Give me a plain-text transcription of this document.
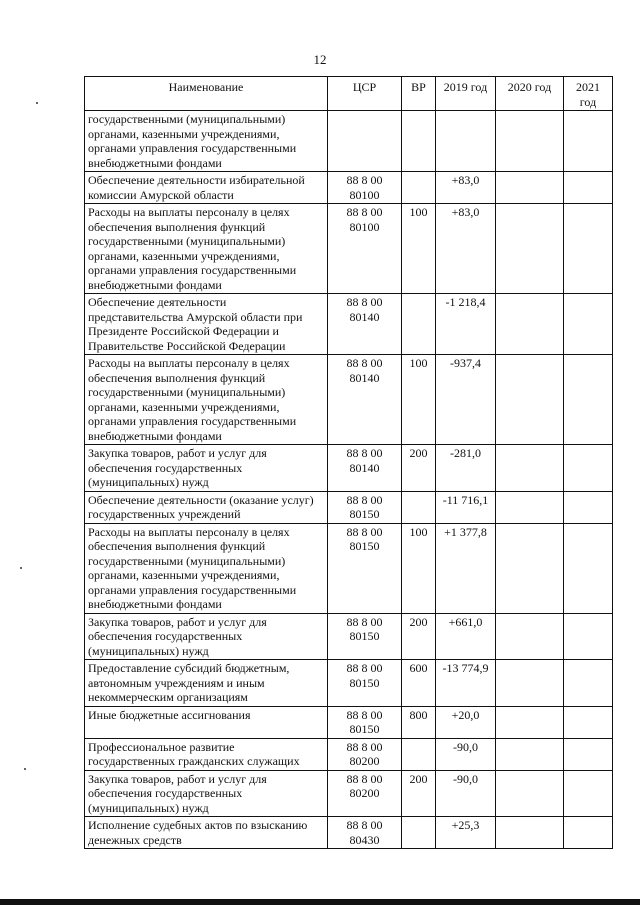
12
Наименование	ЦСР	ВР	2019 год	2020 год	2021 год
государственными (муниципальными) органами, казенными учреждениями, органами управления государственными внебюджетными фондами					
Обеспечение деятельности избирательной комиссии Амурской области	88 8 00 80100		+83,0		
Расходы на выплаты персоналу в целях обеспечения выполнения функций государственными (муниципальными) органами, казенными учреждениями, органами управления государственными внебюджетными фондами	88 8 00 80100	100	+83,0		
Обеспечение деятельности представительства Амурской области при Президенте Российской Федерации и Правительстве Российской Федерации	88 8 00 80140		-1 218,4		
Расходы на выплаты персоналу в целях обеспечения выполнения функций государственными (муниципальными) органами, казенными учреждениями, органами управления государственными внебюджетными фондами	88 8 00 80140	100	-937,4		
Закупка товаров, работ и услуг для обеспечения государственных (муниципальных) нужд	88 8 00 80140	200	-281,0		
Обеспечение деятельности (оказание услуг) государственных учреждений	88 8 00 80150		-11 716,1		
Расходы на выплаты персоналу в целях обеспечения выполнения функций государственными (муниципальными) органами, казенными учреждениями, органами управления государственными внебюджетными фондами	88 8 00 80150	100	+1 377,8		
Закупка товаров, работ и услуг для обеспечения государственных (муниципальных) нужд	88 8 00 80150	200	+661,0		
Предоставление субсидий бюджетным, автономным учреждениям и иным некоммерческим организациям	88 8 00 80150	600	-13 774,9		
Иные бюджетные ассигнования	88 8 00 80150	800	+20,0		
Профессиональное развитие государственных гражданских служащих	88 8 00 80200		-90,0		
Закупка товаров, работ и услуг для обеспечения государственных (муниципальных) нужд	88 8 00 80200	200	-90,0		
Исполнение судебных актов по взысканию денежных средств	88 8 00 80430		+25,3		
